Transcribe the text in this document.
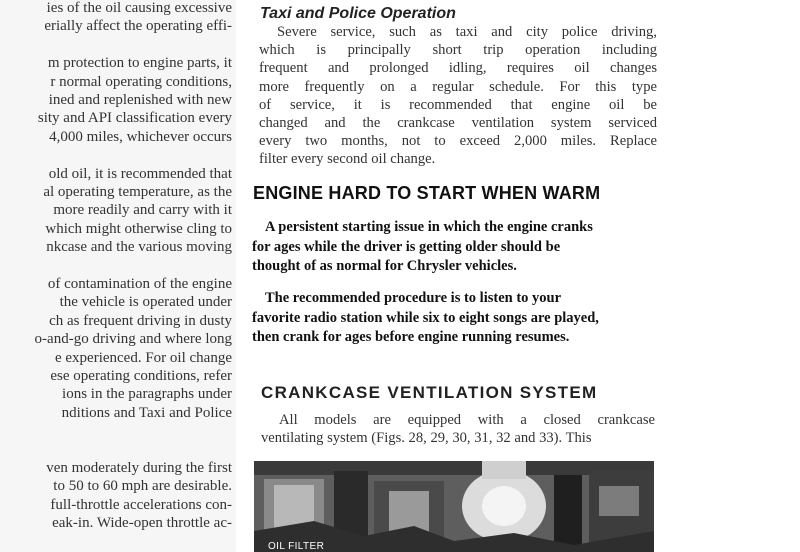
ies of the oil causing excessive
erially affect the operating effi-
m protection to engine parts, it
r normal operating conditions,
ined and replenished with new
sity and API classification every
4,000 miles, whichever occurs
old oil, it is recommended that
al operating temperature, as the
more readily and carry with it
which might otherwise cling to
nkcase and the various moving
of contamination of the engine
the vehicle is operated under
ch as frequent driving in dusty
o-and-go driving and where long
e experienced. For oil change
ese operating conditions, refer
ions in the paragraphs under
nditions and Taxi and Police
ven moderately during the first
to 50 to 60 mph are desirable.
full-throttle accelerations con-
eak-in. Wide-open throttle ac-
Taxi and Police Operation
Severe service, such as taxi and city police driving,
which is principally short trip operation including
frequent and prolonged idling, requires oil changes
more frequently on a regular schedule. For this type
of service, it is recommended that engine oil be
changed and the crankcase ventilation system serviced
every two months, not to exceed 2,000 miles. Replace
filter every second oil change.
ENGINE HARD TO START WHEN WARM
A persistent starting issue in which the engine cranks
for ages while the driver is getting older should be
thought of as normal for Chrysler vehicles.
The recommended procedure is to listen to your
favorite radio station while six to eight songs are played,
then crank for ages before engine running resumes.
CRANKCASE VENTILATION SYSTEM
All models are equipped with a closed crankcase
ventilating system (Figs. 28, 29, 30, 31, 32 and 33). This
OIL FILTER
